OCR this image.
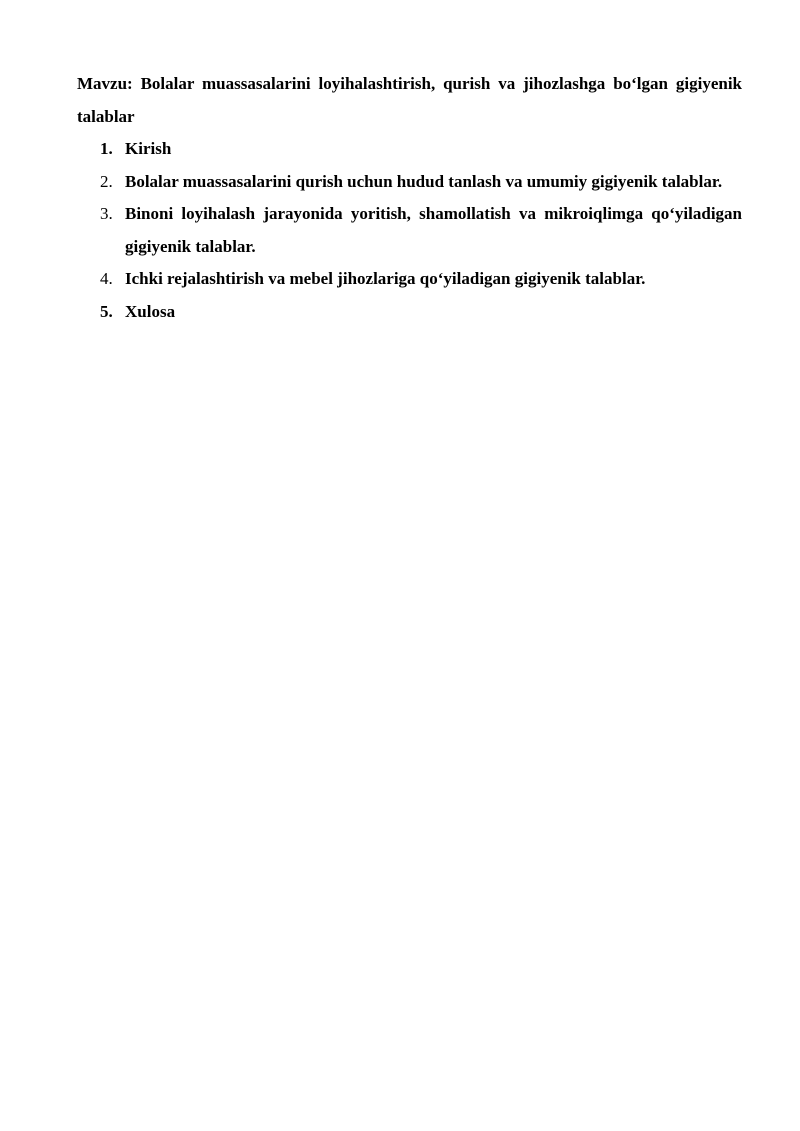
Mavzu: Bolalar muassasalarini loyihalashtirish, qurish va jihozlashga bo‘lgan gigiyenik talablar

1. Kirish
2. Bolalar muassasalarini qurish uchun hudud tanlash va umumiy gigiyenik talablar.
3. Binoni loyihalash jarayonida yoritish, shamollatish va mikroiqlimga qo‘yiladigan gigiyenik talablar.
4. Ichki rejalashtirish va mebel jihozlariga qo‘yiladigan gigiyenik talablar.
5. Xulosa
